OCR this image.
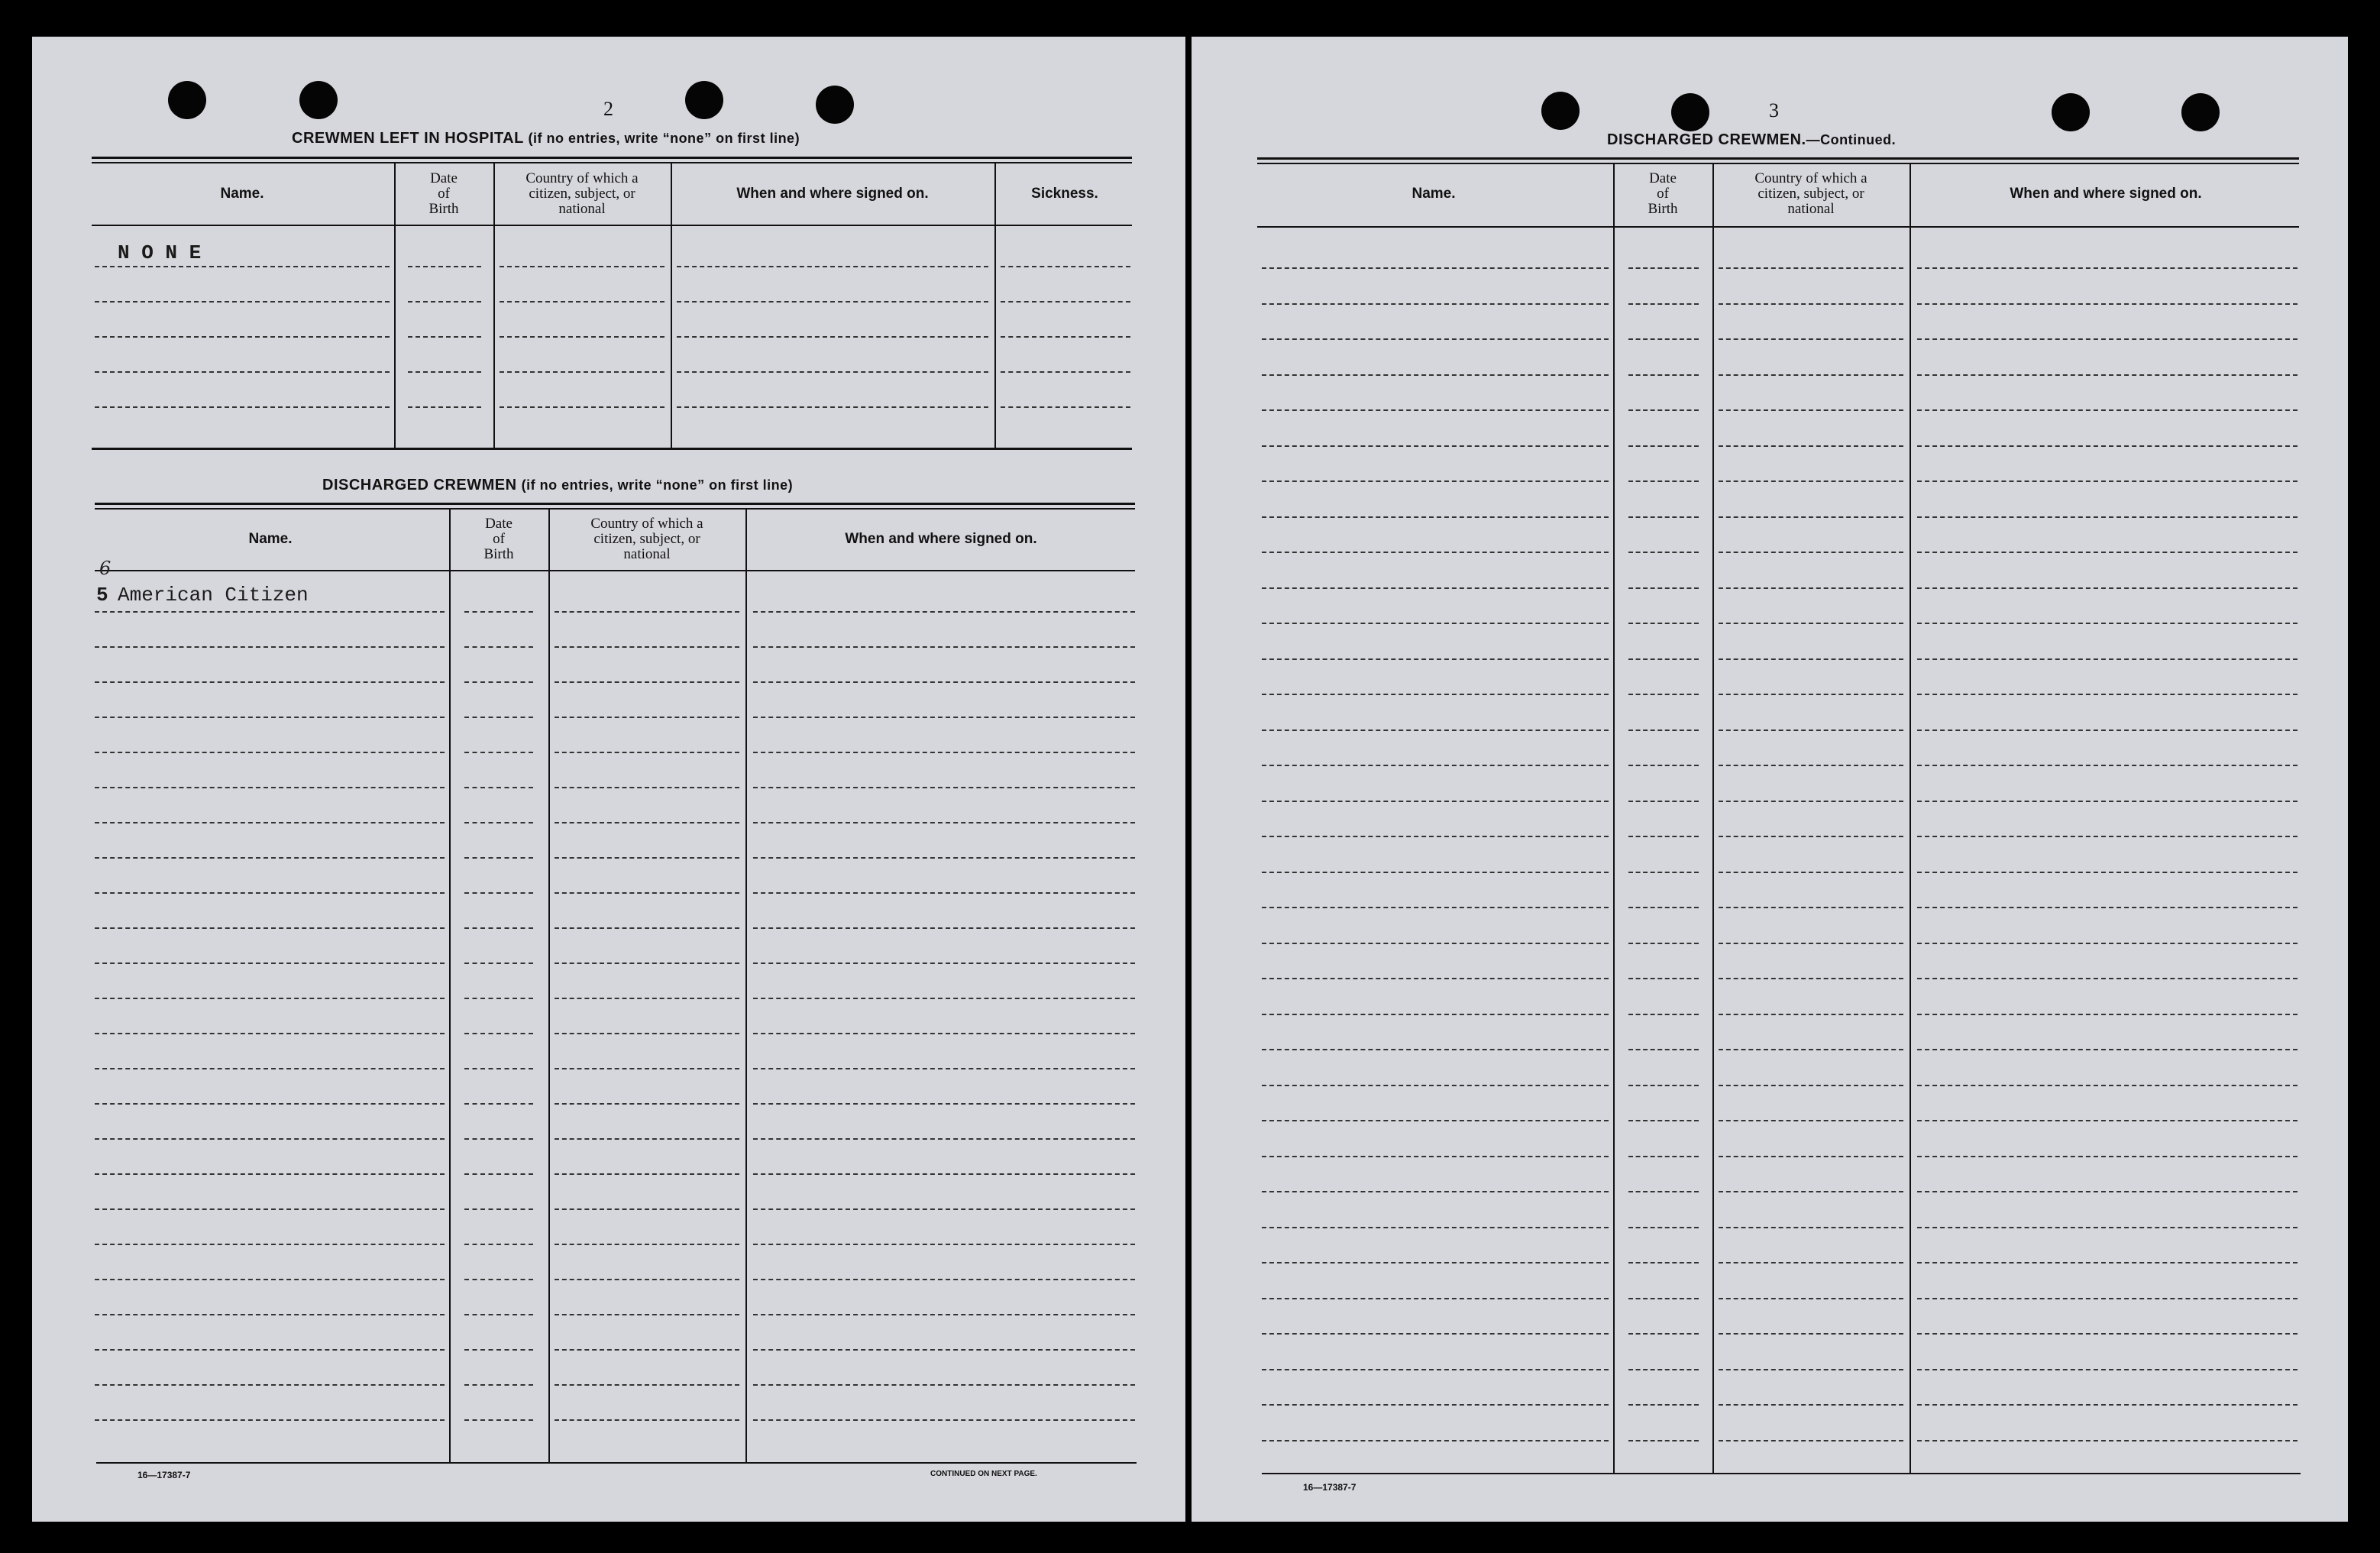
2
CREWMEN LEFT IN HOSPITAL (if no entries, write “none” on first line)
Name.
Date
of
Birth
Country of which a
citizen, subject, or
national
When and where signed on.	Sickness.
N O N E
DISCHARGED CREWMEN (if no entries, write “none” on first line)
Name.
Date
of
Birth
Country of which a
citizen, subject, or
national
When and where signed on.
6
5 American Citizen
16—17387-7	CONTINUED ON NEXT PAGE.
3
DISCHARGED CREWMEN.—Continued.
Name.
Date
of
Birth
Country of which a
citizen, subject, or
national
When and where signed on.
16—17387-7
